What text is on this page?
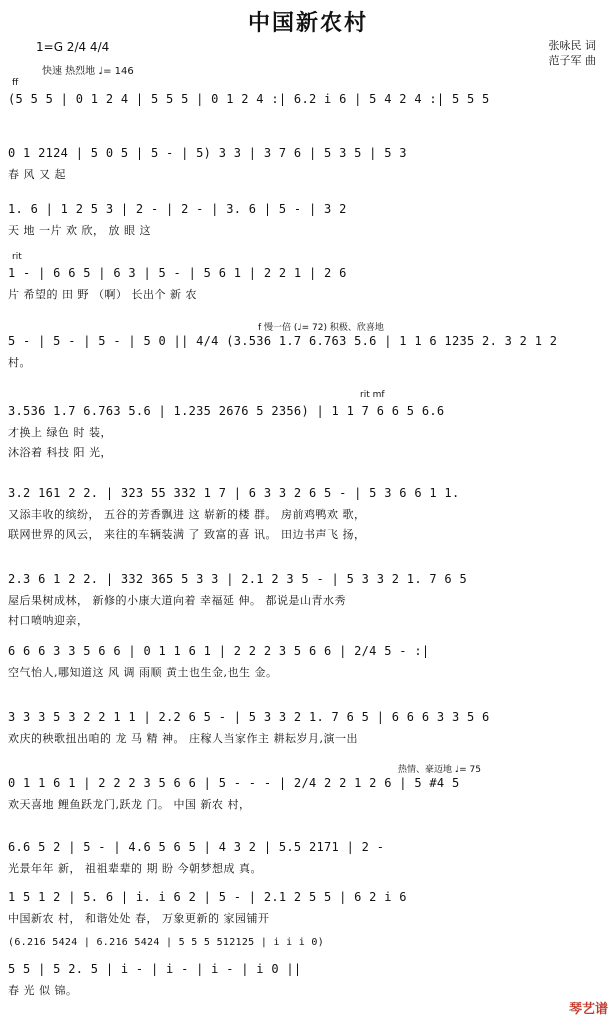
中国新农村
1=G 2/4 4/4
快速 热烈地 ♩= 146
张咏民 词
范子军 曲
ff
(5 5 5 | 0 1 2 4 | 5 5 5 | 0 1 2 4 :| 6.2 i 6 | 5 4 2 4 :| 5 5 5
0 1 2124 | 5 0 5 | 5 - | 5) 3 3 | 3 7 6 | 5 3 5 | 5 3
春 风 又 起
1. 6 | 1 2 5 3 | 2 - | 2 - | 3. 6 | 5 - | 3 2
天 地 一片 欢 欣， 放 眼 这
rit
1 - | 6 6 5 | 6 3 | 5 - | 5 6 1 | 2 2 1 | 2 6
片 希望的 田 野 （啊） 长出个 新 农
f 慢一倍 (♩= 72) 积极、欣喜地
5 - | 5 - | 5 - | 5 0 || 4/4 (3.536 1.7 6.763 5.6 | 1 1 6 1235 2. 3 2 1 2
村。
rit mf
3.536 1.7 6.763 5.6 | 1.235 2676 5 2356) | 1 1 7 6 6 5 6.6
才换上 绿色 时 装，
沐浴着 科技 阳 光，
3.2 161 2 2. | 323 55 332 1 7 | 6 3 3 2 6 5 - | 5 3 6 6 1 1.
又添丰收的缤纷， 五谷的芳香飘进 这 崭新的楼 群。 房前鸡鸭欢 歌，
联网世界的风云， 来往的车辆装满 了 致富的喜 讯。 田边书声飞 扬，
2.3 6 1 2 2. | 332 365 5 3 3 | 2.1 2 3 5 - | 5 3 3 2 1. 7 6 5
屋后果树成林， 新修的小康大道向着 幸福延 伸。 都说是山青水秀
村口喷呐迎亲，
6 6 6 3 3 5 6 6 | 0 1 1 6 1 | 2 2 2 3 5 6 6 | 2/4 5 - :|
空气怡人,哪知道这 风 调 雨顺 黄土也生金,也生 金。
3 3 3 5 3 2 2 1 1 | 2.2 6 5 - | 5 3 3 2 1. 7 6 5 | 6 6 6 3 3 5 6
欢庆的秧歌扭出咱的 龙 马 精 神。 庄稼人当家作主 耕耘岁月,演一出
热情、豪迈地 ♩= 75
0 1 1 6 1 | 2 2 2 3 5 6 6 | 5 - - - | 2/4 2 2 1 2 6 | 5 #4 5
欢天喜地 鲤鱼跃龙门,跃龙 门。 中国 新农 村，
6.6 5 2 | 5 - | 4.6 5 6 5 | 4 3 2 | 5.5 2171 | 2 -
光景年年 新， 祖祖辈辈的 期 盼 今朝梦想成 真。
1 5 1 2 | 5. 6 | i. i 6 2 | 5 - | 2.1 2 5 5 | 6 2 i 6
中国新农 村， 和谐处处 春， 万象更新的 家园铺开
(6.216 5424 | 6.216 5424 | 5 5 5 512125 | i i i 0)
5 5 | 5 2. 5 | i - | i - | i - | i 0 ||
春 光 似 锦。
琴艺谱
